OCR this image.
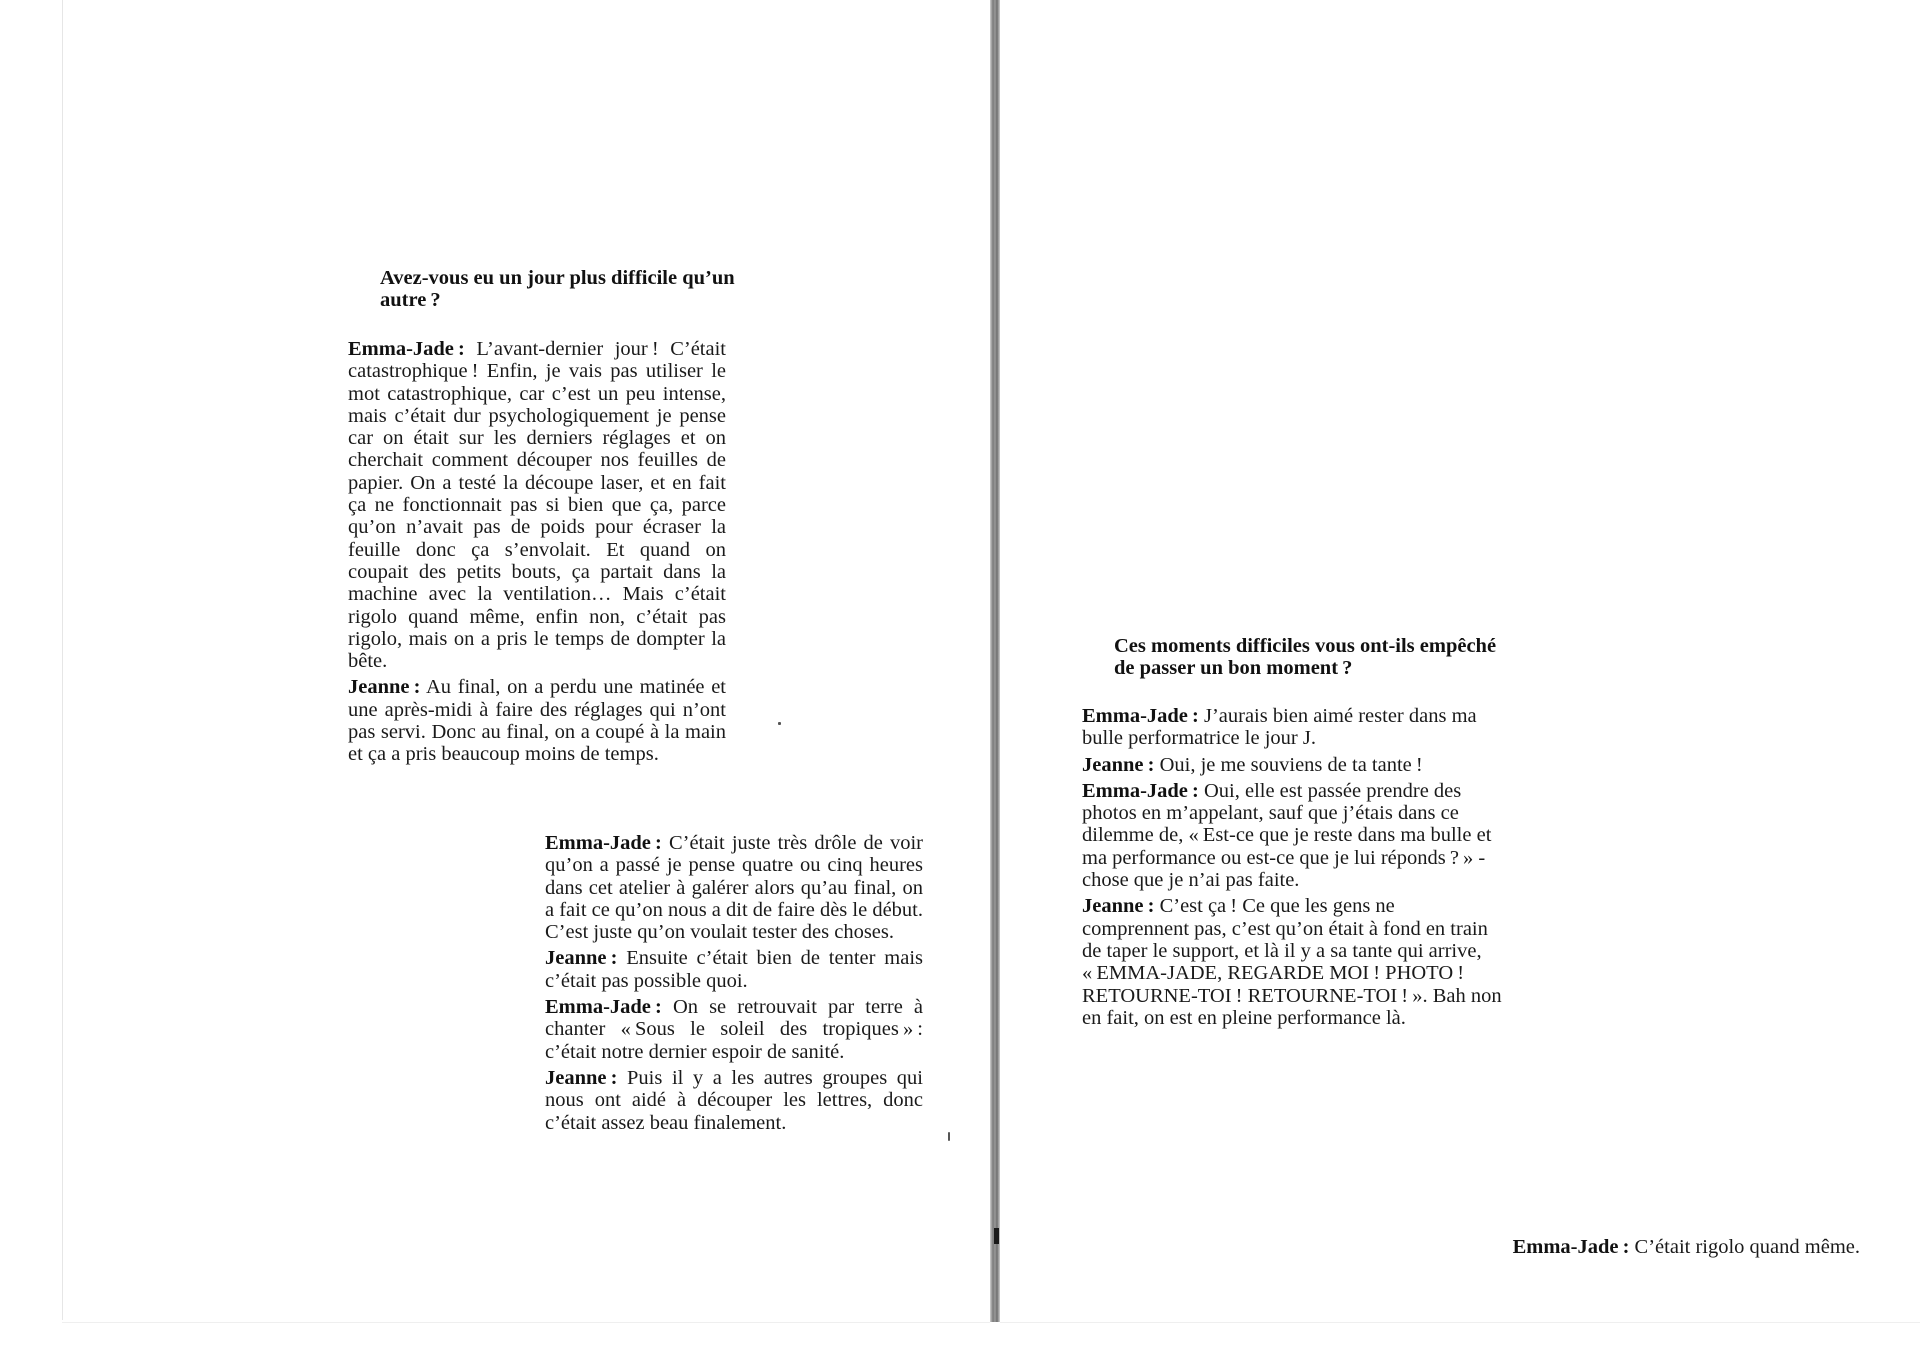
Avez-vous eu un jour plus difficile qu’un autre ?

Emma-Jade : L’avant-dernier jour ! C’était catastrophique ! Enfin, je vais pas utiliser le mot catastrophique, car c’est un peu intense, mais c’était dur psychologiquement je pense car on était sur les derniers réglages et on cherchait comment découper nos feuilles de papier. On a testé la découpe laser, et en fait ça ne fonctionnait pas si bien que ça, parce qu’on n’avait pas de poids pour écraser la feuille donc ça s’envolait. Et quand on coupait des petits bouts, ça partait dans la machine avec la ventilation… Mais c’était rigolo quand même, enfin non, c’était pas rigolo, mais on a pris le temps de dompter la bête.

Jeanne : Au final, on a perdu une matinée et une après-midi à faire des réglages qui n’ont pas servi. Donc au final, on a coupé à la main et ça a pris beaucoup moins de temps.

Emma-Jade : C’était juste très drôle de voir qu’on a passé je pense quatre ou cinq heures dans cet atelier à galérer alors qu’au final, on a fait ce qu’on nous a dit de faire dès le début. C’est juste qu’on voulait tester des choses.

Jeanne : Ensuite c’était bien de tenter mais c’était pas possible quoi.

Emma-Jade : On se retrouvait par terre à chanter « Sous le soleil des tropiques » : c’était notre dernier espoir de sanité.

Jeanne : Puis il y a les autres groupes qui nous ont aidé à découper les lettres, donc c’était assez beau finalement.

Ces moments difficiles vous ont-ils empêché de passer un bon moment ?

Emma-Jade : J’aurais bien aimé rester dans ma bulle performatrice le jour J.

Jeanne : Oui, je me souviens de ta tante !

Emma-Jade : Oui, elle est passée prendre des photos en m’appelant, sauf que j’étais dans ce dilemme de, « Est-ce que je reste dans ma bulle et ma performance ou est-ce que je lui réponds ? » - chose que je n’ai pas faite.

Jeanne : C’est ça ! Ce que les gens ne comprennent pas, c’est qu’on était à fond en train de taper le support, et là il y a sa tante qui arrive, « EMMA-JADE, REGARDE MOI ! PHOTO ! RETOURNE-TOI ! RETOURNE-TOI ! ». Bah non en fait, on est en pleine performance là.

Emma-Jade : C’était rigolo quand même.
